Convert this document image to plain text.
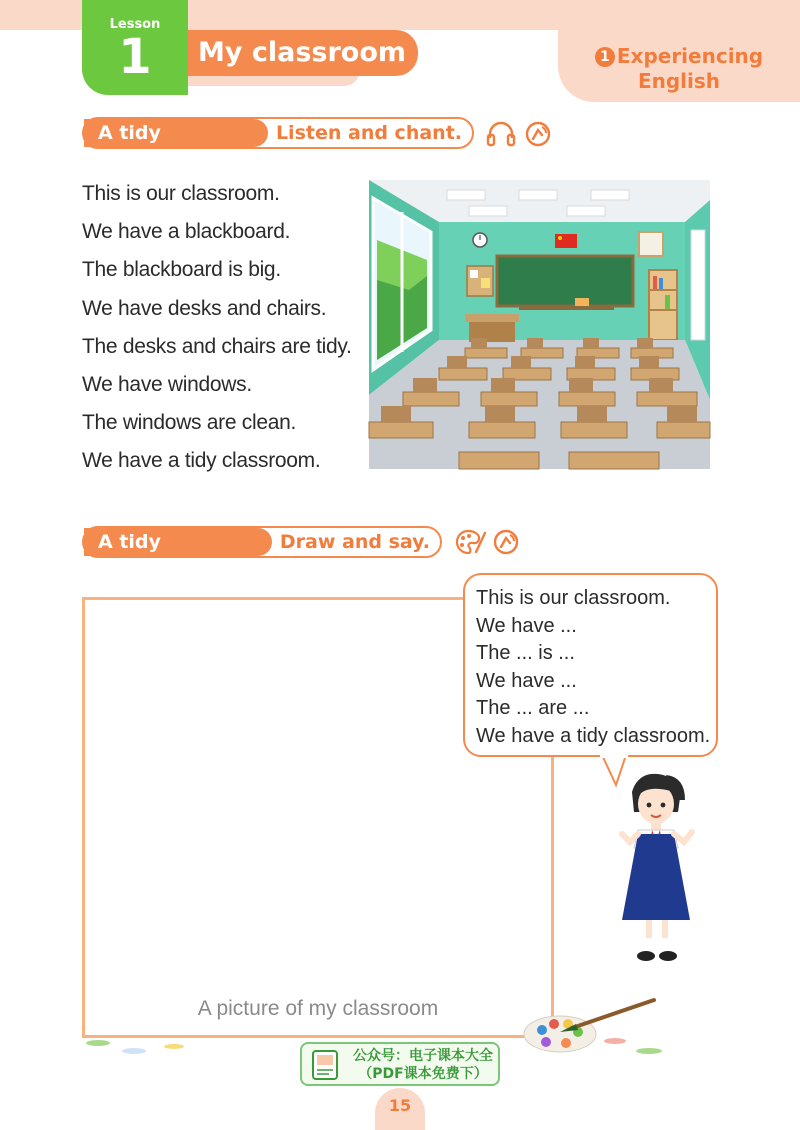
Lesson
1	My classroom	1 Experiencing
English
A tidy classroom
Listen and chant.
This is our classroom.
We have a blackboard.
The blackboard is big.
We have desks and chairs.
The desks and chairs are tidy.
We have windows.
The windows are clean.
We have a tidy classroom.
A tidy classroom
Draw and say.
A picture of my classroom
This is our classroom.
We have ...
The ... is ...
We have ...
The ... are ...
We have a tidy classroom.
公众号：电子课本大全
（PDF课本免费下）
15
